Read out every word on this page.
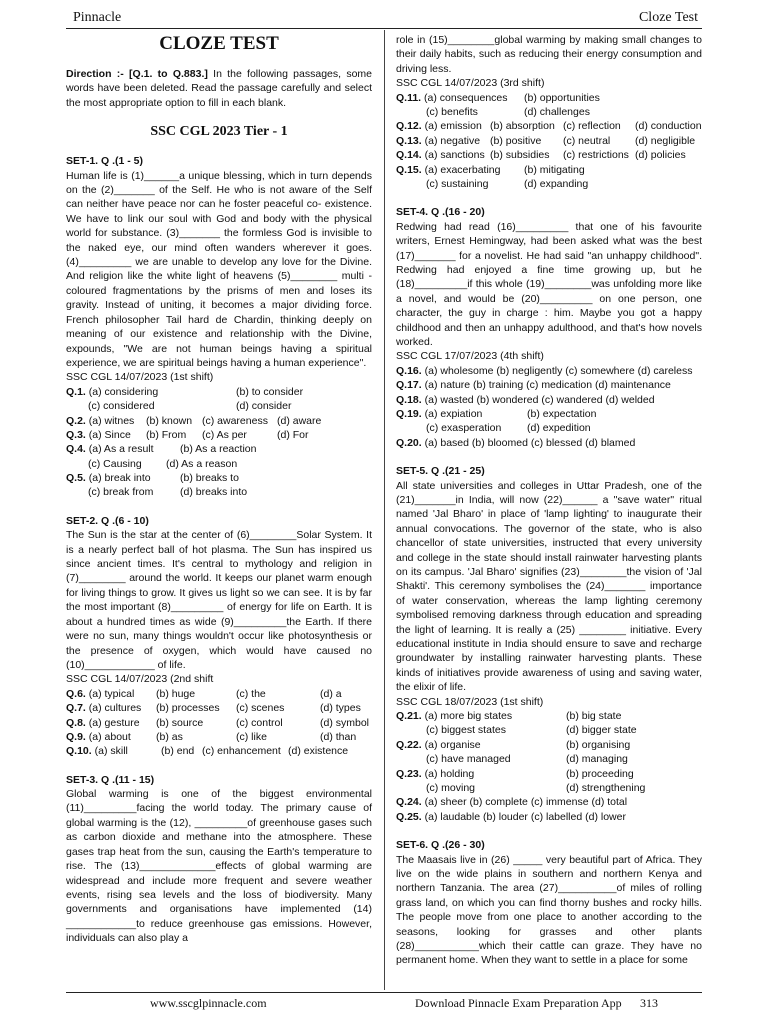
Pinnacle	Cloze Test
CLOZE TEST
Direction :- [Q.1. to Q.883.] In the following passages, some words have been deleted. Read the passage carefully and select the most appropriate option to fill in each blank.
SSC CGL 2023 Tier - 1
SET-1. Q .(1 - 5)
Human life is (1)______a unique blessing, which in turn depends on the (2)_______ of the Self. He who is not aware of the Self can neither have peace nor can he foster peaceful co- existence. We have to link our soul with God and body with the physical world for substance. (3)_______ the formless God is invisible to the naked eye, our mind often wanders wherever it goes. (4)_________ we are unable to develop any love for the Divine. And religion like the white light of heavens (5)________ multi - coloured fragmentations by the prisms of men and loses its gravity. Instead of uniting, it becomes a major dividing force. French philosopher Tail hard de Chardin, thinking deeply on meaning of our existence and relationship with the Divine, expounds, "We are not human beings having a spiritual experience, we are spiritual beings having a human experience".
SSC CGL 14/07/2023 (1st shift)
Q.1. (a) considering	(b) to consider
(c) considered	(d) consider
Q.2. (a) witnes (b) known (c) awareness (d) aware
Q.3. (a) Since (b) From (c) As per	(d) For
Q.4. (a) As a result	(b) As a reaction
(c) Causing (d) As a reason
Q.5. (a) break into	(b) breaks to
(c) break from	(d) breaks into
SET-2. Q .(6 - 10)
The Sun is the star at the center of (6)________Solar System. It is a nearly perfect ball of hot plasma. The Sun has inspired us since ancient times. It's central to mythology and religion in (7)________ around the world. It keeps our planet warm enough for living things to grow. It gives us light so we can see. It is by far the most important (8)_________ of energy for life on Earth. It is about a hundred times as wide (9)_________the Earth. If there were no sun, many things wouldn't occur like photosynthesis or the presence of oxygen, which would have caused no (10)____________ of life.
SSC CGL 14/07/2023 (2nd shift
Q.6. (a) typical (b) huge	(c) the	(d) a
Q.7. (a) cultures (b) processes (c) scenes	(d) types
Q.8. (a) gesture (b) source	(c) control	(d) symbol
Q.9. (a) about (b) as	(c) like	(d) than
Q.10. (a) skill	(b) end (c) enhancement (d) existence
SET-3. Q .(11 - 15)
Global warming is one of the biggest environmental (11)_________facing the world today. The primary cause of global warming is the (12), _________of greenhouse gases such as carbon dioxide and methane into the atmosphere. These gases trap heat from the sun, causing the Earth's temperature to rise. The (13)_____________effects of global warming are widespread and include more frequent and severe weather events, rising sea levels and the loss of biodiversity. Many governments and organisations have implemented (14) ____________to reduce greenhouse gas emissions. However, individuals can also play a
role in (15)________global warming by making small changes to their daily habits, such as reducing their energy consumption and driving less.
SSC CGL 14/07/2023 (3rd shift)
Q.11. (a) consequences (b) opportunities
(c) benefits	(d) challenges
Q.12. (a) emission (b) absorption (c) reflection (d) conduction
Q.13. (a) negative (b) positive (c) neutral (d) negligible
Q.14. (a) sanctions (b) subsidies (c) restrictions (d) policies
Q.15. (a) exacerbating (b) mitigating
(c) sustaining	(d) expanding
SET-4. Q .(16 - 20)
Redwing had read (16)_________ that one of his favourite writers, Ernest Hemingway, had been asked what was the best (17)_______ for a novelist. He had said "an unhappy childhood". Redwing had enjoyed a fine time growing up, but he (18)_________if this whole (19)________was unfolding more like a novel, and would be (20)_________ on one person, one character, the guy in charge : him. Maybe you got a happy childhood and then an unhappy adulthood, and that's how novels worked.
SSC CGL 17/07/2023 (4th shift)
Q.16. (a) wholesome (b) negligently (c) somewhere (d) careless
Q.17. (a) nature (b) training (c) medication (d) maintenance
Q.18. (a) wasted (b) wondered (c) wandered (d) welded
Q.19. (a) expiation	(b) expectation
(c) exasperation (d) expedition
Q.20. (a) based (b) bloomed (c) blessed (d) blamed
SET-5. Q .(21 - 25)
All state universities and colleges in Uttar Pradesh, one of the (21)_______in India, will now (22)______ a "save water" ritual named 'Jal Bharo' in place of 'lamp lighting' to inaugurate their annual convocations. The governor of the state, who is also chancellor of state universities, instructed that every university and college in the state should install rainwater harvesting plants on its campus. 'Jal Bharo' signifies (23)________the vision of 'Jal Shakti'. This ceremony symbolises the (24)_______ importance of water conservation, whereas the lamp lighting ceremony symbolised removing darkness through education and spreading the light of learning. It is really a (25) ________ initiative. Every educational institute in India should ensure to save and recharge groundwater by installing rainwater harvesting plants. These kinds of initiatives provide awareness of using and saving water, the elixir of life.
SSC CGL 18/07/2023 (1st shift)
Q.21. (a) more big states	(b) big state
(c) biggest states	(d) bigger state
Q.22. (a) organise	(b) organising
(c) have managed	(d) managing
Q.23. (a) holding	(b) proceeding
(c) moving	(d) strengthening
Q.24. (a) sheer (b) complete (c) immense (d) total
Q.25. (a) laudable (b) louder (c) labelled (d) lower
SET-6. Q .(26 - 30)
The Maasais live in (26) _____ very beautiful part of Africa. They live on the wide plains in southern and northern Kenya and northern Tanzania. The area (27)__________of miles of rolling grass land, on which you can find thorny bushes and rocky hills. The people move from one place to another according to the seasons, looking for grasses and other plants (28)___________which their cattle can graze. They have no permanent home. When they want to settle in a place for some
www.sscglpinnacle.com	Download Pinnacle Exam Preparation App 313
